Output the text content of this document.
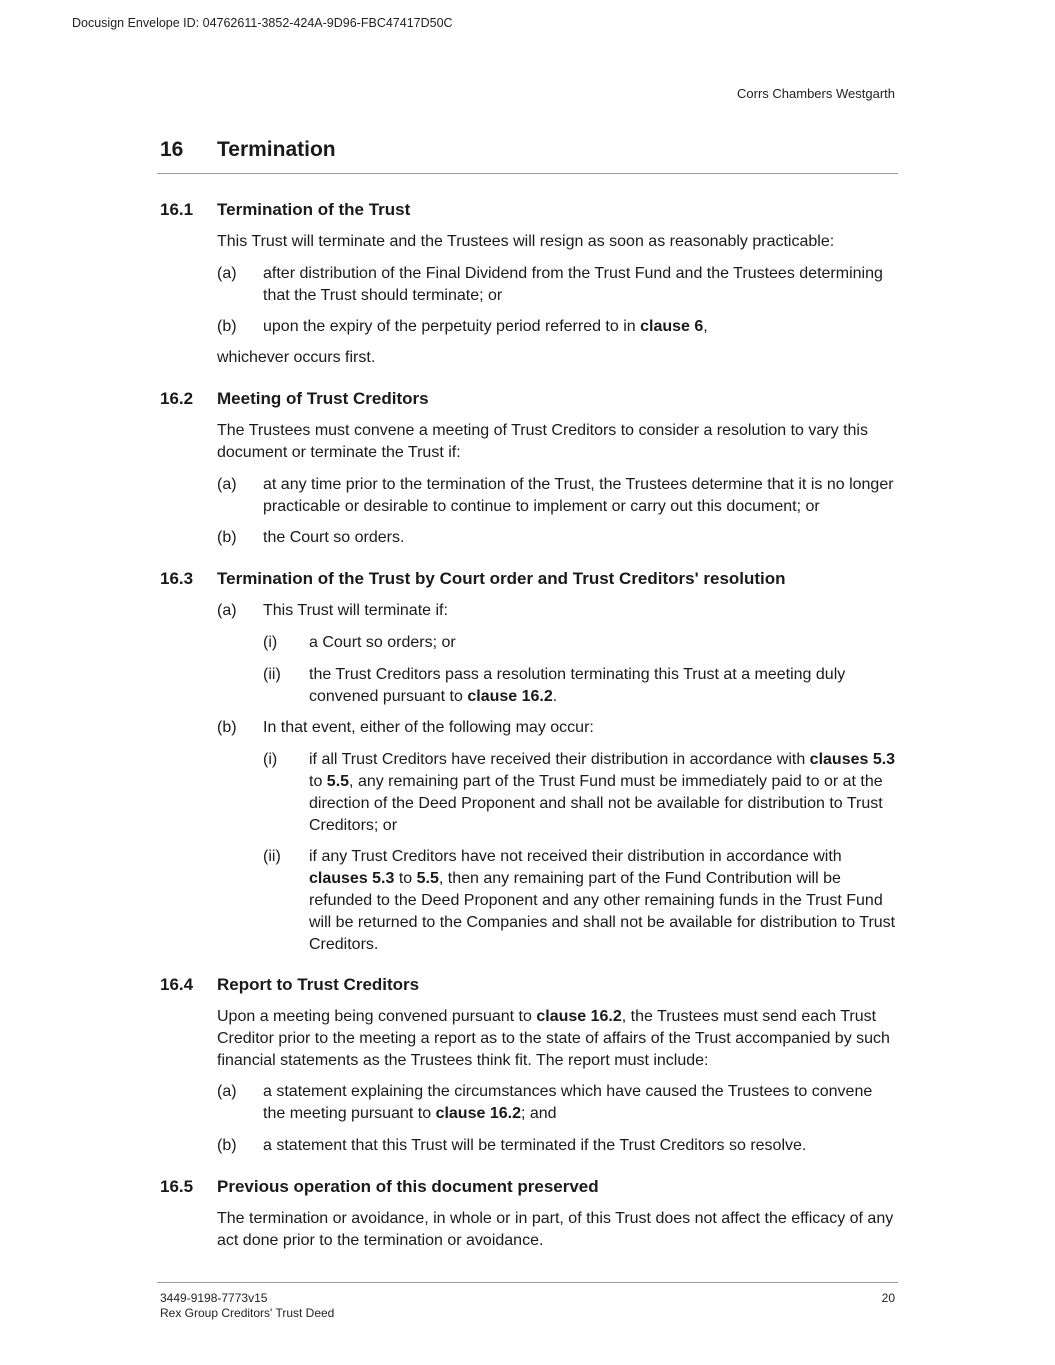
Docusign Envelope ID: 04762611-3852-424A-9D96-FBC47417D50C
Corrs Chambers Westgarth
16 Termination
16.1 Termination of the Trust
This Trust will terminate and the Trustees will resign as soon as reasonably practicable:
(a) after distribution of the Final Dividend from the Trust Fund and the Trustees determining that the Trust should terminate; or
(b) upon the expiry of the perpetuity period referred to in clause 6,
whichever occurs first.
16.2 Meeting of Trust Creditors
The Trustees must convene a meeting of Trust Creditors to consider a resolution to vary this document or terminate the Trust if:
(a) at any time prior to the termination of the Trust, the Trustees determine that it is no longer practicable or desirable to continue to implement or carry out this document; or
(b) the Court so orders.
16.3 Termination of the Trust by Court order and Trust Creditors' resolution
(a) This Trust will terminate if:
(i) a Court so orders; or
(ii) the Trust Creditors pass a resolution terminating this Trust at a meeting duly convened pursuant to clause 16.2.
(b) In that event, either of the following may occur:
(i) if all Trust Creditors have received their distribution in accordance with clauses 5.3 to 5.5, any remaining part of the Trust Fund must be immediately paid to or at the direction of the Deed Proponent and shall not be available for distribution to Trust Creditors; or
(ii) if any Trust Creditors have not received their distribution in accordance with clauses 5.3 to 5.5, then any remaining part of the Fund Contribution will be refunded to the Deed Proponent and any other remaining funds in the Trust Fund will be returned to the Companies and shall not be available for distribution to Trust Creditors.
16.4 Report to Trust Creditors
Upon a meeting being convened pursuant to clause 16.2, the Trustees must send each Trust Creditor prior to the meeting a report as to the state of affairs of the Trust accompanied by such financial statements as the Trustees think fit. The report must include:
(a) a statement explaining the circumstances which have caused the Trustees to convene the meeting pursuant to clause 16.2; and
(b) a statement that this Trust will be terminated if the Trust Creditors so resolve.
16.5 Previous operation of this document preserved
The termination or avoidance, in whole or in part, of this Trust does not affect the efficacy of any act done prior to the termination or avoidance.
3449-9198-7773v15
Rex Group Creditors' Trust Deed
20
